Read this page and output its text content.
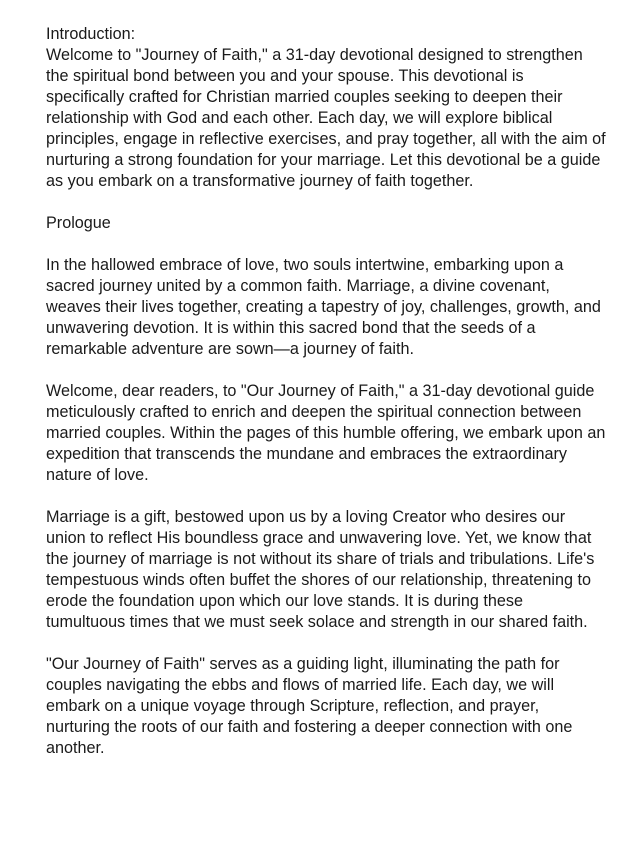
Introduction:

Welcome to "Journey of Faith," a 31-day devotional designed to strengthen the spiritual bond between you and your spouse. This devotional is specifically crafted for Christian married couples seeking to deepen their relationship with God and each other. Each day, we will explore biblical principles, engage in reflective exercises, and pray together, all with the aim of nurturing a strong foundation for your marriage. Let this devotional be a guide as you embark on a transformative journey of faith together.

Prologue

In the hallowed embrace of love, two souls intertwine, embarking upon a sacred journey united by a common faith. Marriage, a divine covenant, weaves their lives together, creating a tapestry of joy, challenges, growth, and unwavering devotion. It is within this sacred bond that the seeds of a remarkable adventure are sown—a journey of faith.

Welcome, dear readers, to "Our Journey of Faith," a 31-day devotional guide meticulously crafted to enrich and deepen the spiritual connection between married couples. Within the pages of this humble offering, we embark upon an expedition that transcends the mundane and embraces the extraordinary nature of love.

Marriage is a gift, bestowed upon us by a loving Creator who desires our union to reflect His boundless grace and unwavering love. Yet, we know that the journey of marriage is not without its share of trials and tribulations. Life's tempestuous winds often buffet the shores of our relationship, threatening to erode the foundation upon which our love stands. It is during these tumultuous times that we must seek solace and strength in our shared faith.

"Our Journey of Faith" serves as a guiding light, illuminating the path for couples navigating the ebbs and flows of married life. Each day, we will embark on a unique voyage through Scripture, reflection, and prayer, nurturing the roots of our faith and fostering a deeper connection with one another.
